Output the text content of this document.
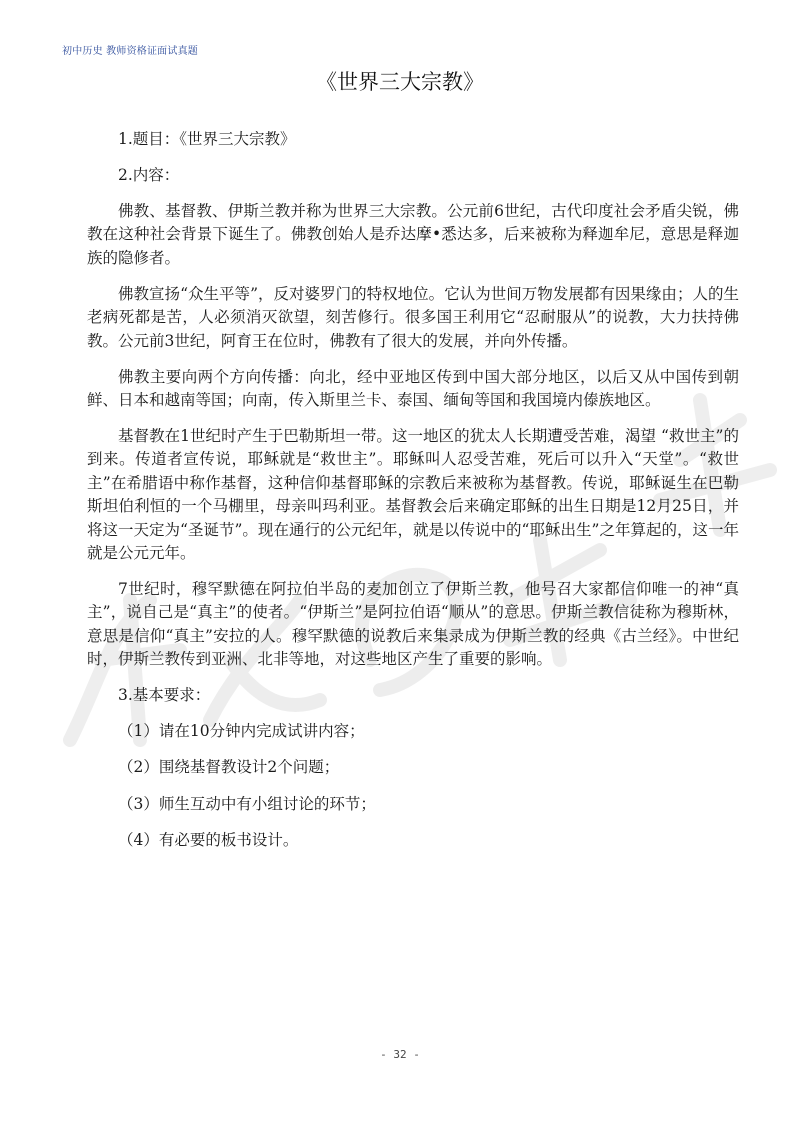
初中历史 教师资格证面试真题
《世界三大宗教》

1.题目：《世界三大宗教》

2.内容：

佛教、基督教、伊斯兰教并称为世界三大宗教。公元前6世纪，古代印度社会矛盾尖锐，佛教在这种社会背景下诞生了。佛教创始人是乔达摩•悉达多，后来被称为释迦牟尼，意思是释迦族的隐修者。

佛教宣扬“众生平等”，反对婆罗门的特权地位。它认为世间万物发展都有因果缘由；人的生老病死都是苦，人必须消灭欲望，刻苦修行。很多国王利用它“忍耐服从”的说教，大力扶持佛教。公元前3世纪，阿育王在位时，佛教有了很大的发展，并向外传播。

佛教主要向两个方向传播：向北，经中亚地区传到中国大部分地区，以后又从中国传到朝鲜、日本和越南等国；向南，传入斯里兰卡、泰国、缅甸等国和我国境内傣族地区。

基督教在1世纪时产生于巴勒斯坦一带。这一地区的犹太人长期遭受苦难，渴望 “救世主”的到来。传道者宣传说，耶稣就是“救世主”。耶稣叫人忍受苦难，死后可以升入“天堂”。“救世主”在希腊语中称作基督，这种信仰基督耶稣的宗教后来被称为基督教。传说，耶稣诞生在巴勒斯坦伯利恒的一个马棚里，母亲叫玛利亚。基督教会后来确定耶稣的出生日期是12月25日，并将这一天定为“圣诞节”。现在通行的公元纪年，就是以传说中的“耶稣出生”之年算起的，这一年就是公元元年。

7世纪时，穆罕默德在阿拉伯半岛的麦加创立了伊斯兰教，他号召大家都信仰唯一的神“真主”，说自己是“真主”的使者。“伊斯兰”是阿拉伯语“顺从”的意思。伊斯兰教信徒称为穆斯林，意思是信仰“真主”安拉的人。穆罕默德的说教后来集录成为伊斯兰教的经典《古兰经》。中世纪时，伊斯兰教传到亚洲、北非等地，对这些地区产生了重要的影响。

3.基本要求：

（1）请在10分钟内完成试讲内容；

（2）围绕基督教设计2个问题；

（3）师生互动中有小组讨论的环节；

（4）有必要的板书设计。

- 32 -
